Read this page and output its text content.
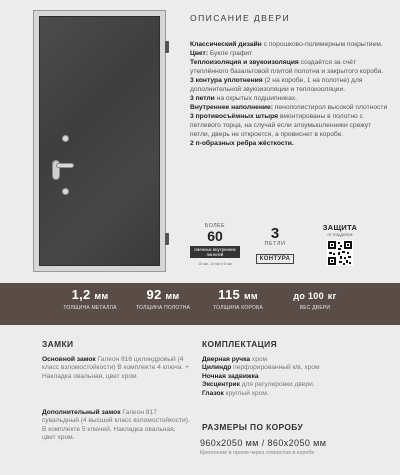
ОПИСАНИЕ ДВЕРИ

Классический дизайн с порошково-полимерным покрытием.

Цвет: Букле графит

Теплоизоляция и звукоизоляция создаётся за счёт утеплённого базальтовой плитой полотна и закрытого короба.

3 контура уплотнения (2 на коробе, 1 на полотне) для дополнительной звукоизоляции и теплоизоляции.

3 петли на скрытых подшипниках.

Внутреннее наполнение: пенополистирол высокой плотности

3 противосъёмных штыря вмонтированы в полотно с петлевого торца, на случай если злоумышленники срежут петли, дверь не откроется, а провиснет в коробе.

2 п-образных ребра жёсткости.

БОЛЕЕ
60
сменных внутренних панелей
16 мм, 10 мм и 8 мм
3
ПЕТЛИ
КОНТУРА
ЗАЩИТА
от подделок
1,2 мм
ТОЛЩИНА МЕТАЛЛА
92 мм
ТОЛЩИНА ПОЛОТНА
115 мм
ТОЛЩИНА КОРОБА
до 100 кг
ВЕС ДВЕРИ
ЗАМКИ
Основной замок Галеон 816 цилиндровый (4 класс взломостойкости) В комплекте 4 ключа. + Накладка овальная, цвет хром.
Дополнительный замок Галеон 817 сувальдный (4 высший класс взломостойкости). В комплекте 5 ключей. Накладка овальная, цвет хром.
КОМПЛЕКТАЦИЯ
Дверная ручка хром
Цилиндр перфорированный к/в, хром
Ночная задвижка
Эксцентрик для регулировки двери.
Глазок круглый хром.
РАЗМЕРЫ ПО КОРОБУ
960х2050 мм / 860х2050 мм
Крепление в проем через отверстия в коробе
